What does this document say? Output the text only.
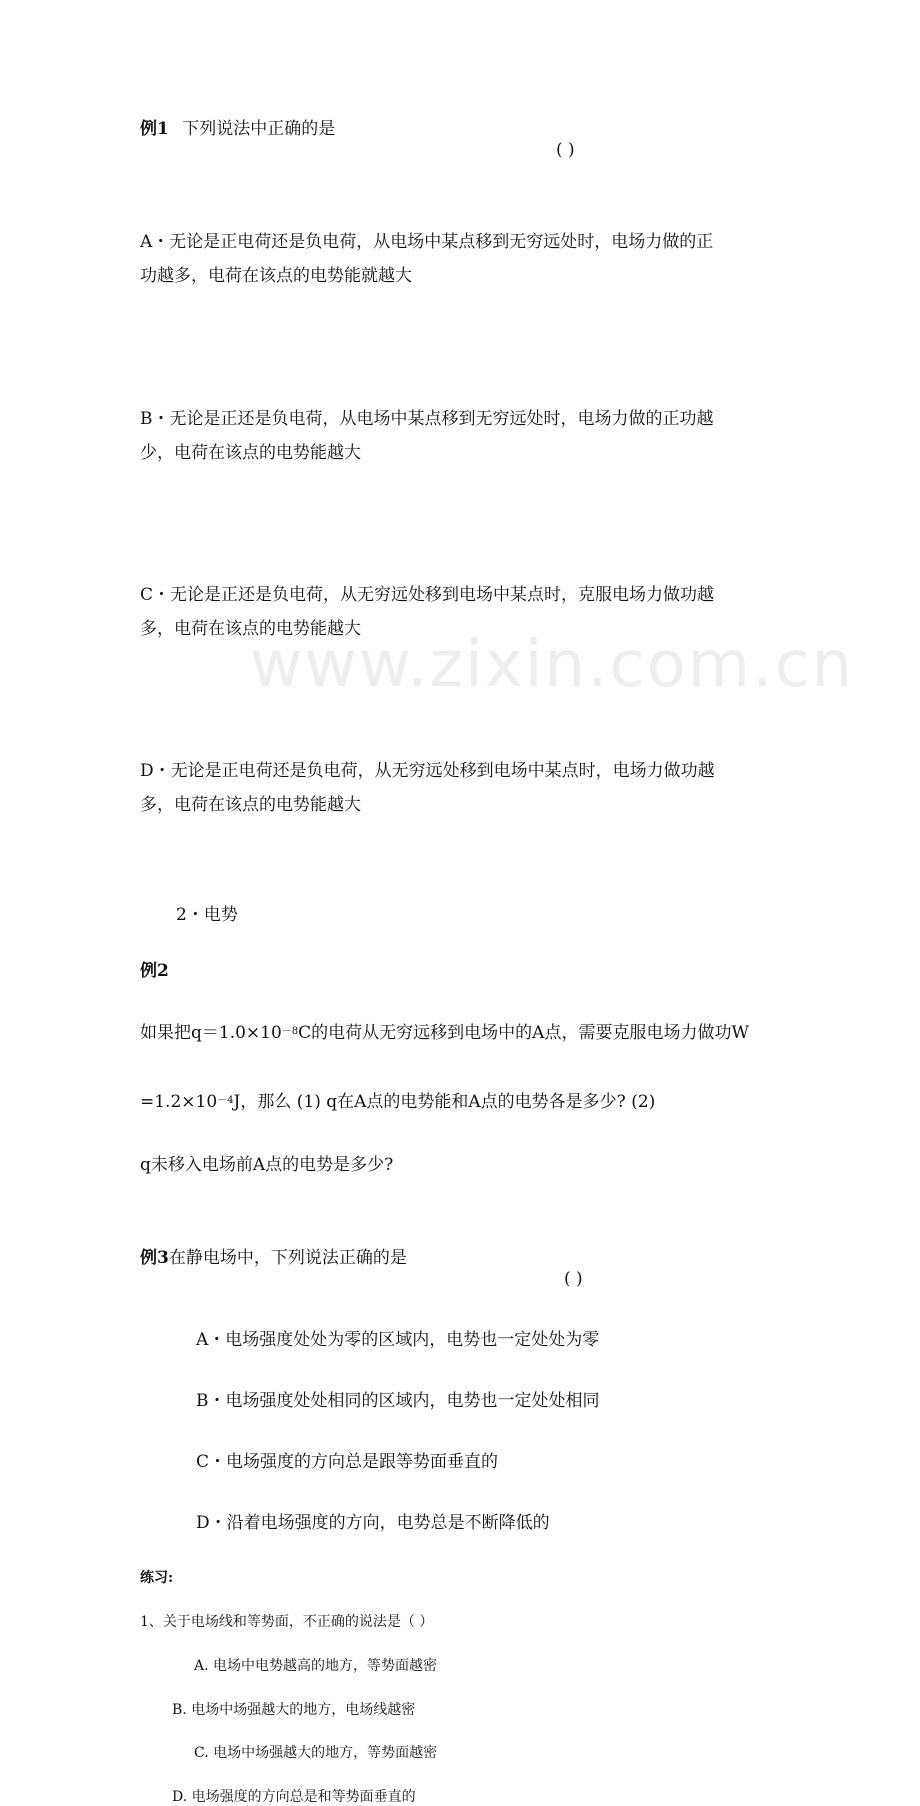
www.zixin.com.cn
例1 下列说法中正确的是
( )
A・无论是正电荷还是负电荷，从电场中某点移到无穷远处时，电场力做的正
功越多，电荷在该点的电势能就越大
B・无论是正还是负电荷，从电场中某点移到无穷远处时，电场力做的正功越
少，电荷在该点的电势能越大
C・无论是正还是负电荷，从无穷远处移到电场中某点时，克服电场力做功越
多，电荷在该点的电势能越大
D・无论是正电荷还是负电荷，从无穷远处移到电场中某点时，电场力做功越
多，电荷在该点的电势能越大
2・电势
例2
如果把$q=1.0\times 10^{-8}C$的电荷从无穷远移到电场中的A点，需要克服电场力做功W
$=1.2\times 10^{-4}J$，那么 (1) q在A点的电势能和A点的电势各是多少? (2)
q未移入电场前A点的电势是多少?
例3在静电场中，下列说法正确的是
( )
A・电场强度处处为零的区域内，电势也一定处处为零
B・电场强度处处相同的区域内，电势也一定处处相同
C・电场强度的方向总是跟等势面垂直的
D・沿着电场强度的方向，电势总是不断降低的
练习:
1、关于电场线和等势面，不正确的说法是（ ）
A. 电场中电势越高的地方，等势面越密
B. 电场中场强越大的地方，电场线越密
C. 电场中场强越大的地方，等势面越密
D. 电场强度的方向总是和等势面垂直的
